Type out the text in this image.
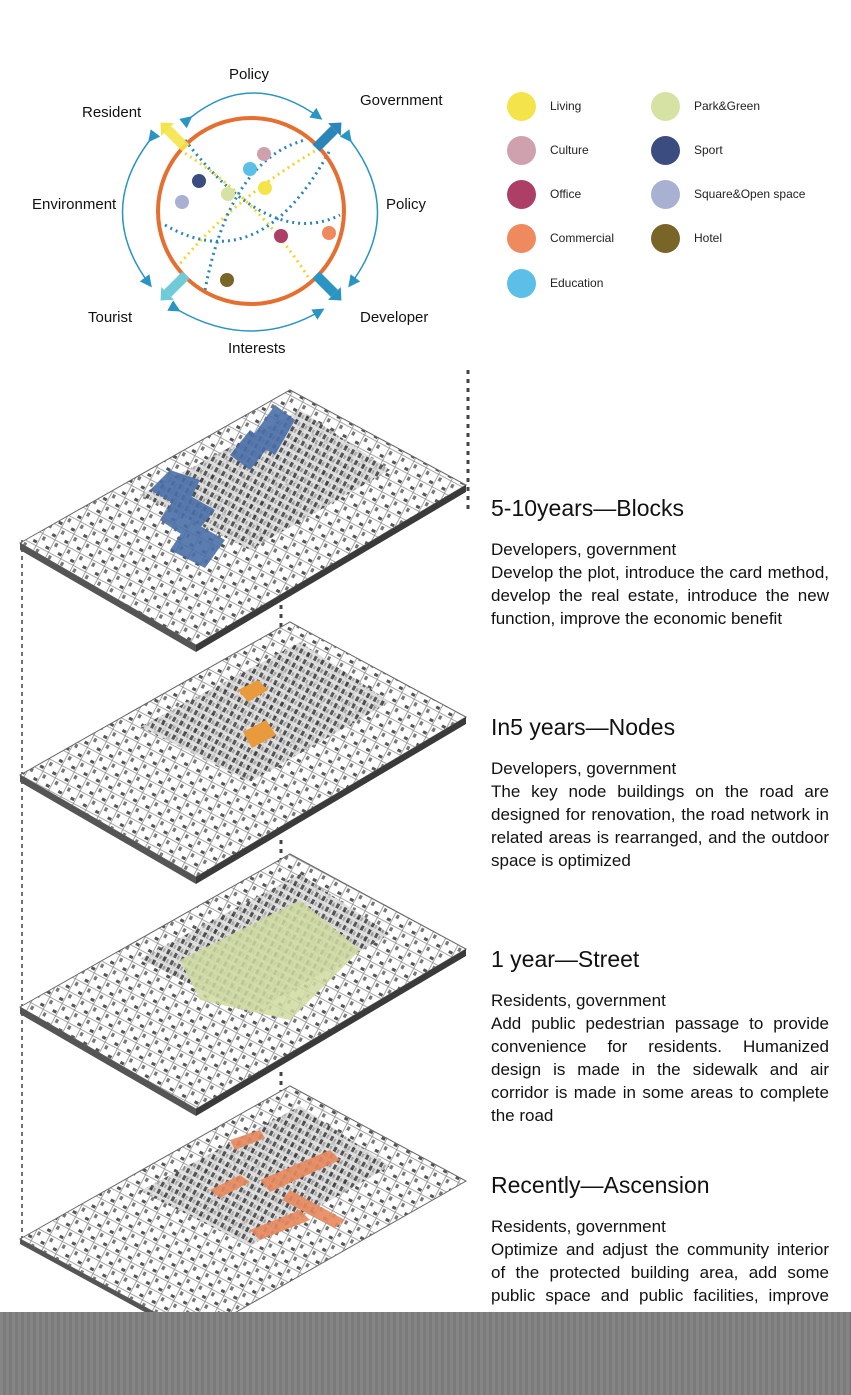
Policy
Government
Resident
Environment	Policy
Tourist	Developer
Interests
Living	Park&Green
Culture	Sport
Office	Square&Open space
Commercial	Hotel
Education
5-10years—Blocks
Developers, government
Develop the plot, introduce the card method, develop the real estate, introduce the new function, improve the economic benefit
In5 years—Nodes
Developers, government
The key node buildings on the road are designed for renovation, the road network in related areas is rearranged, and the outdoor space is optimized
1 year—Street
Residents, government
Add public pedestrian passage to provide convenience for residents. Humanized design is made in the sidewalk and air corridor is made in some areas to complete the road
Recently—Ascension
Residents, government
Optimize and adjust the community interior of the protected building area, add some public space and public facilities, improve
